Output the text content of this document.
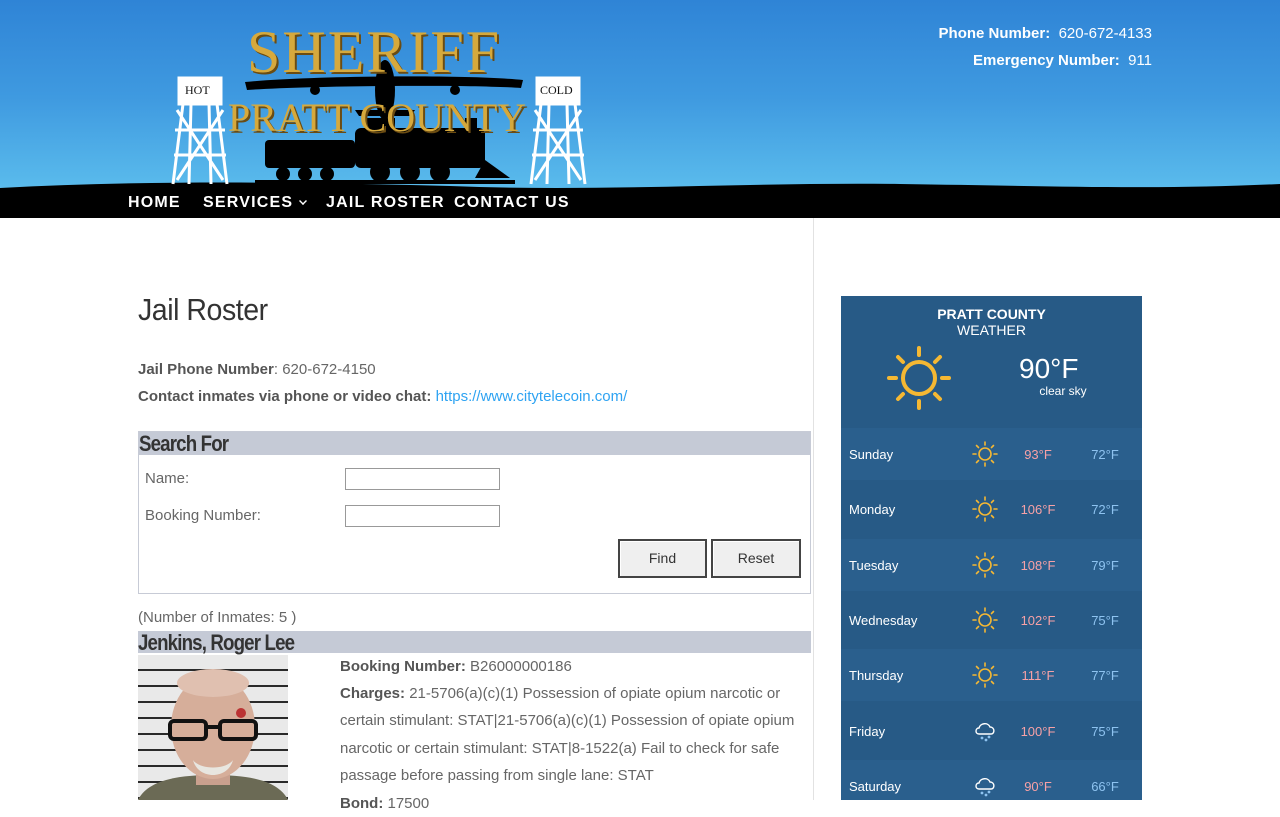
SHERIFF
PRATT COUNTY
HOT	COLD
Phone Number: 620-672-4133
Emergency Number: 911
HOME SERVICES	JAIL ROSTER CONTACT US
Jail Roster
Jail Phone Number: 620-672-4150
Contact inmates via phone or video chat: https://www.citytelecoin.com/
Search For
Name:
Booking Number:
Find	Reset
(Number of Inmates: 5 )
Jenkins, Roger Lee
Booking Number: B26000000186
Charges: 21-5706(a)(c)(1) Possession of opiate opium narcotic or certain stimulant: STAT|21-5706(a)(c)(1) Possession of opiate opium narcotic or certain stimulant: STAT|8-1522(a) Fail to check for safe passage before passing from single lane: STAT
Bond: 17500
PRATT COUNTY
WEATHER
90°F
clear sky
Sunday	93°F	72°F
Monday	106°F	72°F
Tuesday	108°F	79°F
Wednesday	102°F	75°F
Thursday	111°F	77°F
Friday	100°F	75°F
Saturday	90°F	66°F
